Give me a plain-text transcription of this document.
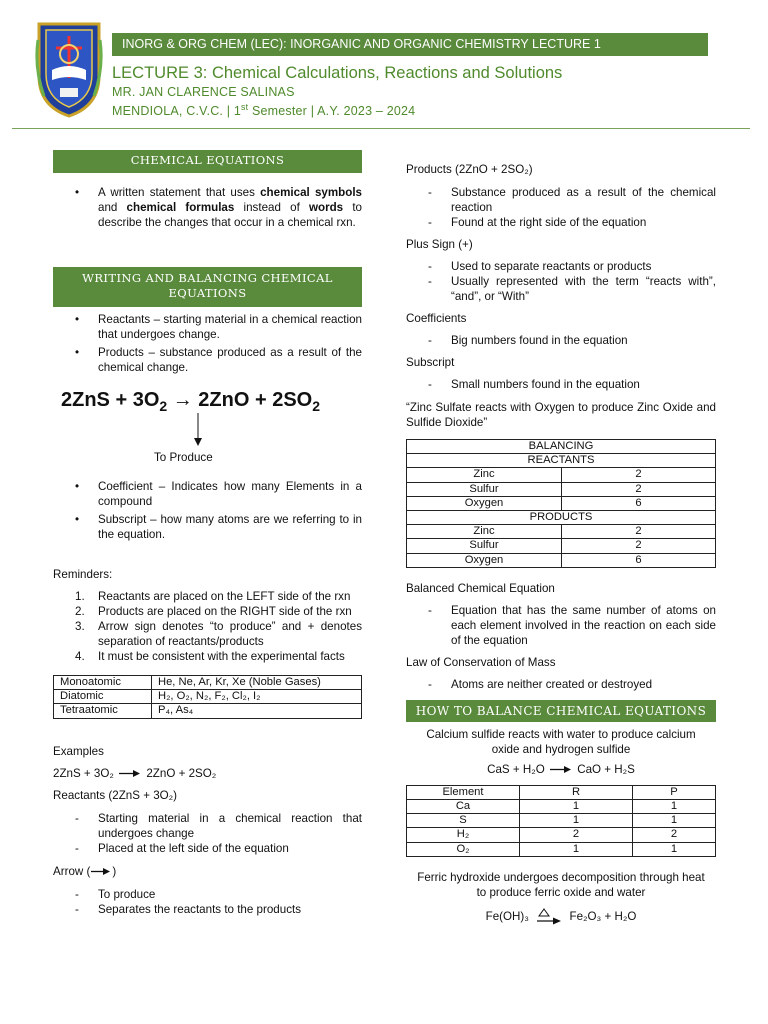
INORG & ORG CHEM (LEC): INORGANIC AND ORGANIC CHEMISTRY LECTURE 1
LECTURE 3: Chemical Calculations, Reactions and Solutions
MR. JAN CLARENCE SALINAS
MENDIOLA, C.V.C. | 1st Semester | A.Y. 2023 – 2024
CHEMICAL EQUATIONS
• A written statement that uses chemical symbols and chemical formulas instead of words to describe the changes that occur in a chemical rxn.
WRITING AND BALANCING CHEMICAL EQUATIONS
• Reactants – starting material in a chemical reaction that undergoes change.
• Products – substance produced as a result of the chemical change.
$2ZnS + 3O_2 \to 2ZnO + 2SO_2$
To Produce
• Coefficient – Indicates how many Elements in a compound
• Subscript – how many atoms are we referring to in the equation.

Reminders:

1. Reactants are placed on the LEFT side of the rxn
2. Products are placed on the RIGHT side of the rxn
3. Arrow sign denotes “to produce” and + denotes separation of reactants/products
4. It must be consistent with the experimental facts
Monoatomic	He, Ne, Ar, Kr, Xe (Noble Gases)
Diatomic	H₂, O₂, N₂, F₂, Cl₂, I₂
Tetraatomic	P₄, As₄

Examples

2ZnS + 3O₂	2ZnO + 2SO₂

Reactants (2ZnS + 3O₂)

- Starting material in a chemical reaction that undergoes change
- Placed at the left side of the equation

Arrow ( )

- To produce
- Separates the reactants to the products

Products (2ZnO + 2SO₂)

- Substance produced as a result of the chemical reaction
- Found at the right side of the equation

Plus Sign (+)

- Used to separate reactants or products
- Usually represented with the term “reacts with”, “and”, or “With”

Coefficients

- Big numbers found in the equation

Subscript

- Small numbers found in the equation

“Zinc Sulfate reacts with Oxygen to produce Zinc Oxide and Sulfide Dioxide”

BALANCING	
REACTANTS	
Zinc	2
Sulfur	2
Oxygen	6
PRODUCTS	
Zinc	2
Sulfur	2
Oxygen	6

Balanced Chemical Equation

- Equation that has the same number of atoms on each element involved in the reaction on each side of the equation

Law of Conservation of Mass

- Atoms are neither created or destroyed
HOW TO BALANCE CHEMICAL EQUATIONS

Calcium sulfide reacts with water to produce calcium oxide and hydrogen sulfide

CaS + H₂O	CaO + H₂S

Element	R	P
Ca	1	1
S	1	1
H₂	2	2
O₂	1	1

Ferric hydroxide undergoes decomposition through heat to produce ferric oxide and water

Fe(OH)₃	Fe₂O₃ + H₂O
